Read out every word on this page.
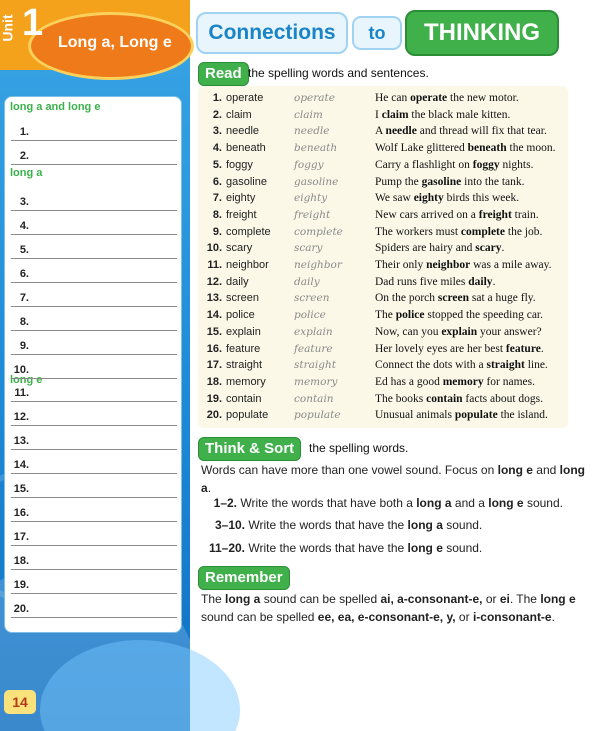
Unit 1 Long a, Long e
long a and long e
long a
long e
1.
2.
3.
4.
5.
6.
7.
8.
9.
10.
11.
12.
13.
14.
15.
16.
17.
18.
19.
20.
14
Connections	to	THINKING
Read the spelling words and sentences.
1. operate	operate	He can operate the new motor.
2. claim	claim	I claim the black male kitten.
3. needle	needle	A needle and thread will fix that tear.
4. beneath	beneath	Wolf Lake glittered beneath the moon.
5. foggy	foggy	Carry a flashlight on foggy nights.
6. gasoline	gasoline	Pump the gasoline into the tank.
7. eighty	eighty	We saw eighty birds this week.
8. freight	freight	New cars arrived on a freight train.
9. complete	complete	The workers must complete the job.
10. scary	scary	Spiders are hairy and scary.
11. neighbor	neighbor	Their only neighbor was a mile away.
12. daily	daily	Dad runs five miles daily.
13. screen	screen	On the porch screen sat a huge fly.
14. police	police	The police stopped the speeding car.
15. explain	explain	Now, can you explain your answer?
16. feature	feature	Her lovely eyes are her best feature.
17. straight	straight	Connect the dots with a straight line.
18. memory	memory	Ed has a good memory for names.
19. contain	contain	The books contain facts about dogs.
20. populate	populate	Unusual animals populate the island.
Think & Sort	the spelling words.
Words can have more than one vowel sound. Focus on long e and long a.
1–2. Write the words that have both a long a and a long e sound.
3–10. Write the words that have the long a sound.
11–20. Write the words that have the long e sound.
Remember
The long a sound can be spelled ai, a-consonant-e, or ei. The long e sound can be spelled ee, ea, e-consonant-e, y, or i-consonant-e.
